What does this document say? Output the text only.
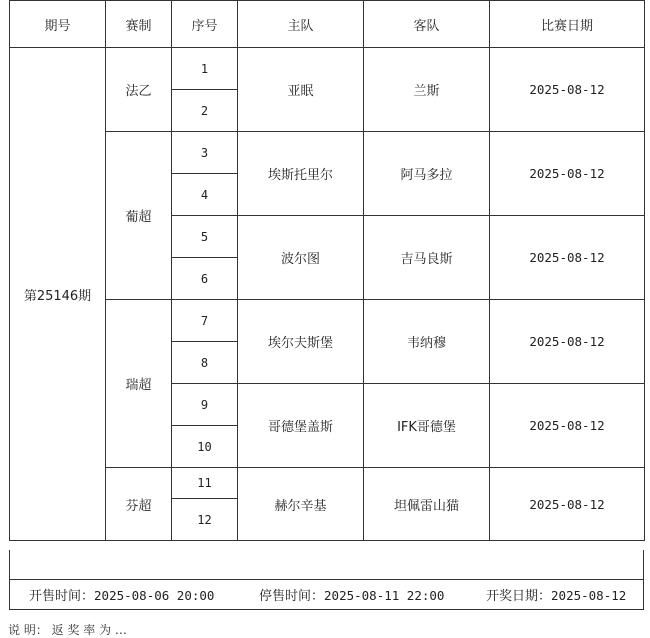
期号	赛制	序号	主队	客队	比赛日期
第25146期	法乙	1	亚眠	兰斯	2025-08-12
		2			
	葡超	3	埃斯托里尔	阿马多拉	2025-08-12
		4			
		5	波尔图	吉马良斯	2025-08-12
		6			
	瑞超	7	埃尔夫斯堡	韦纳穆	2025-08-12
		8			
		9	哥德堡盖斯	IFK哥德堡	2025-08-12
		10			
	芬超	11	赫尔辛基	坦佩雷山猫	2025-08-12
		12			
开售时间：2025-08-06 20:00	停售时间：2025-08-11 22:00	开奖日期：2025-08-12
说 明： 返 奖 率 为 …
